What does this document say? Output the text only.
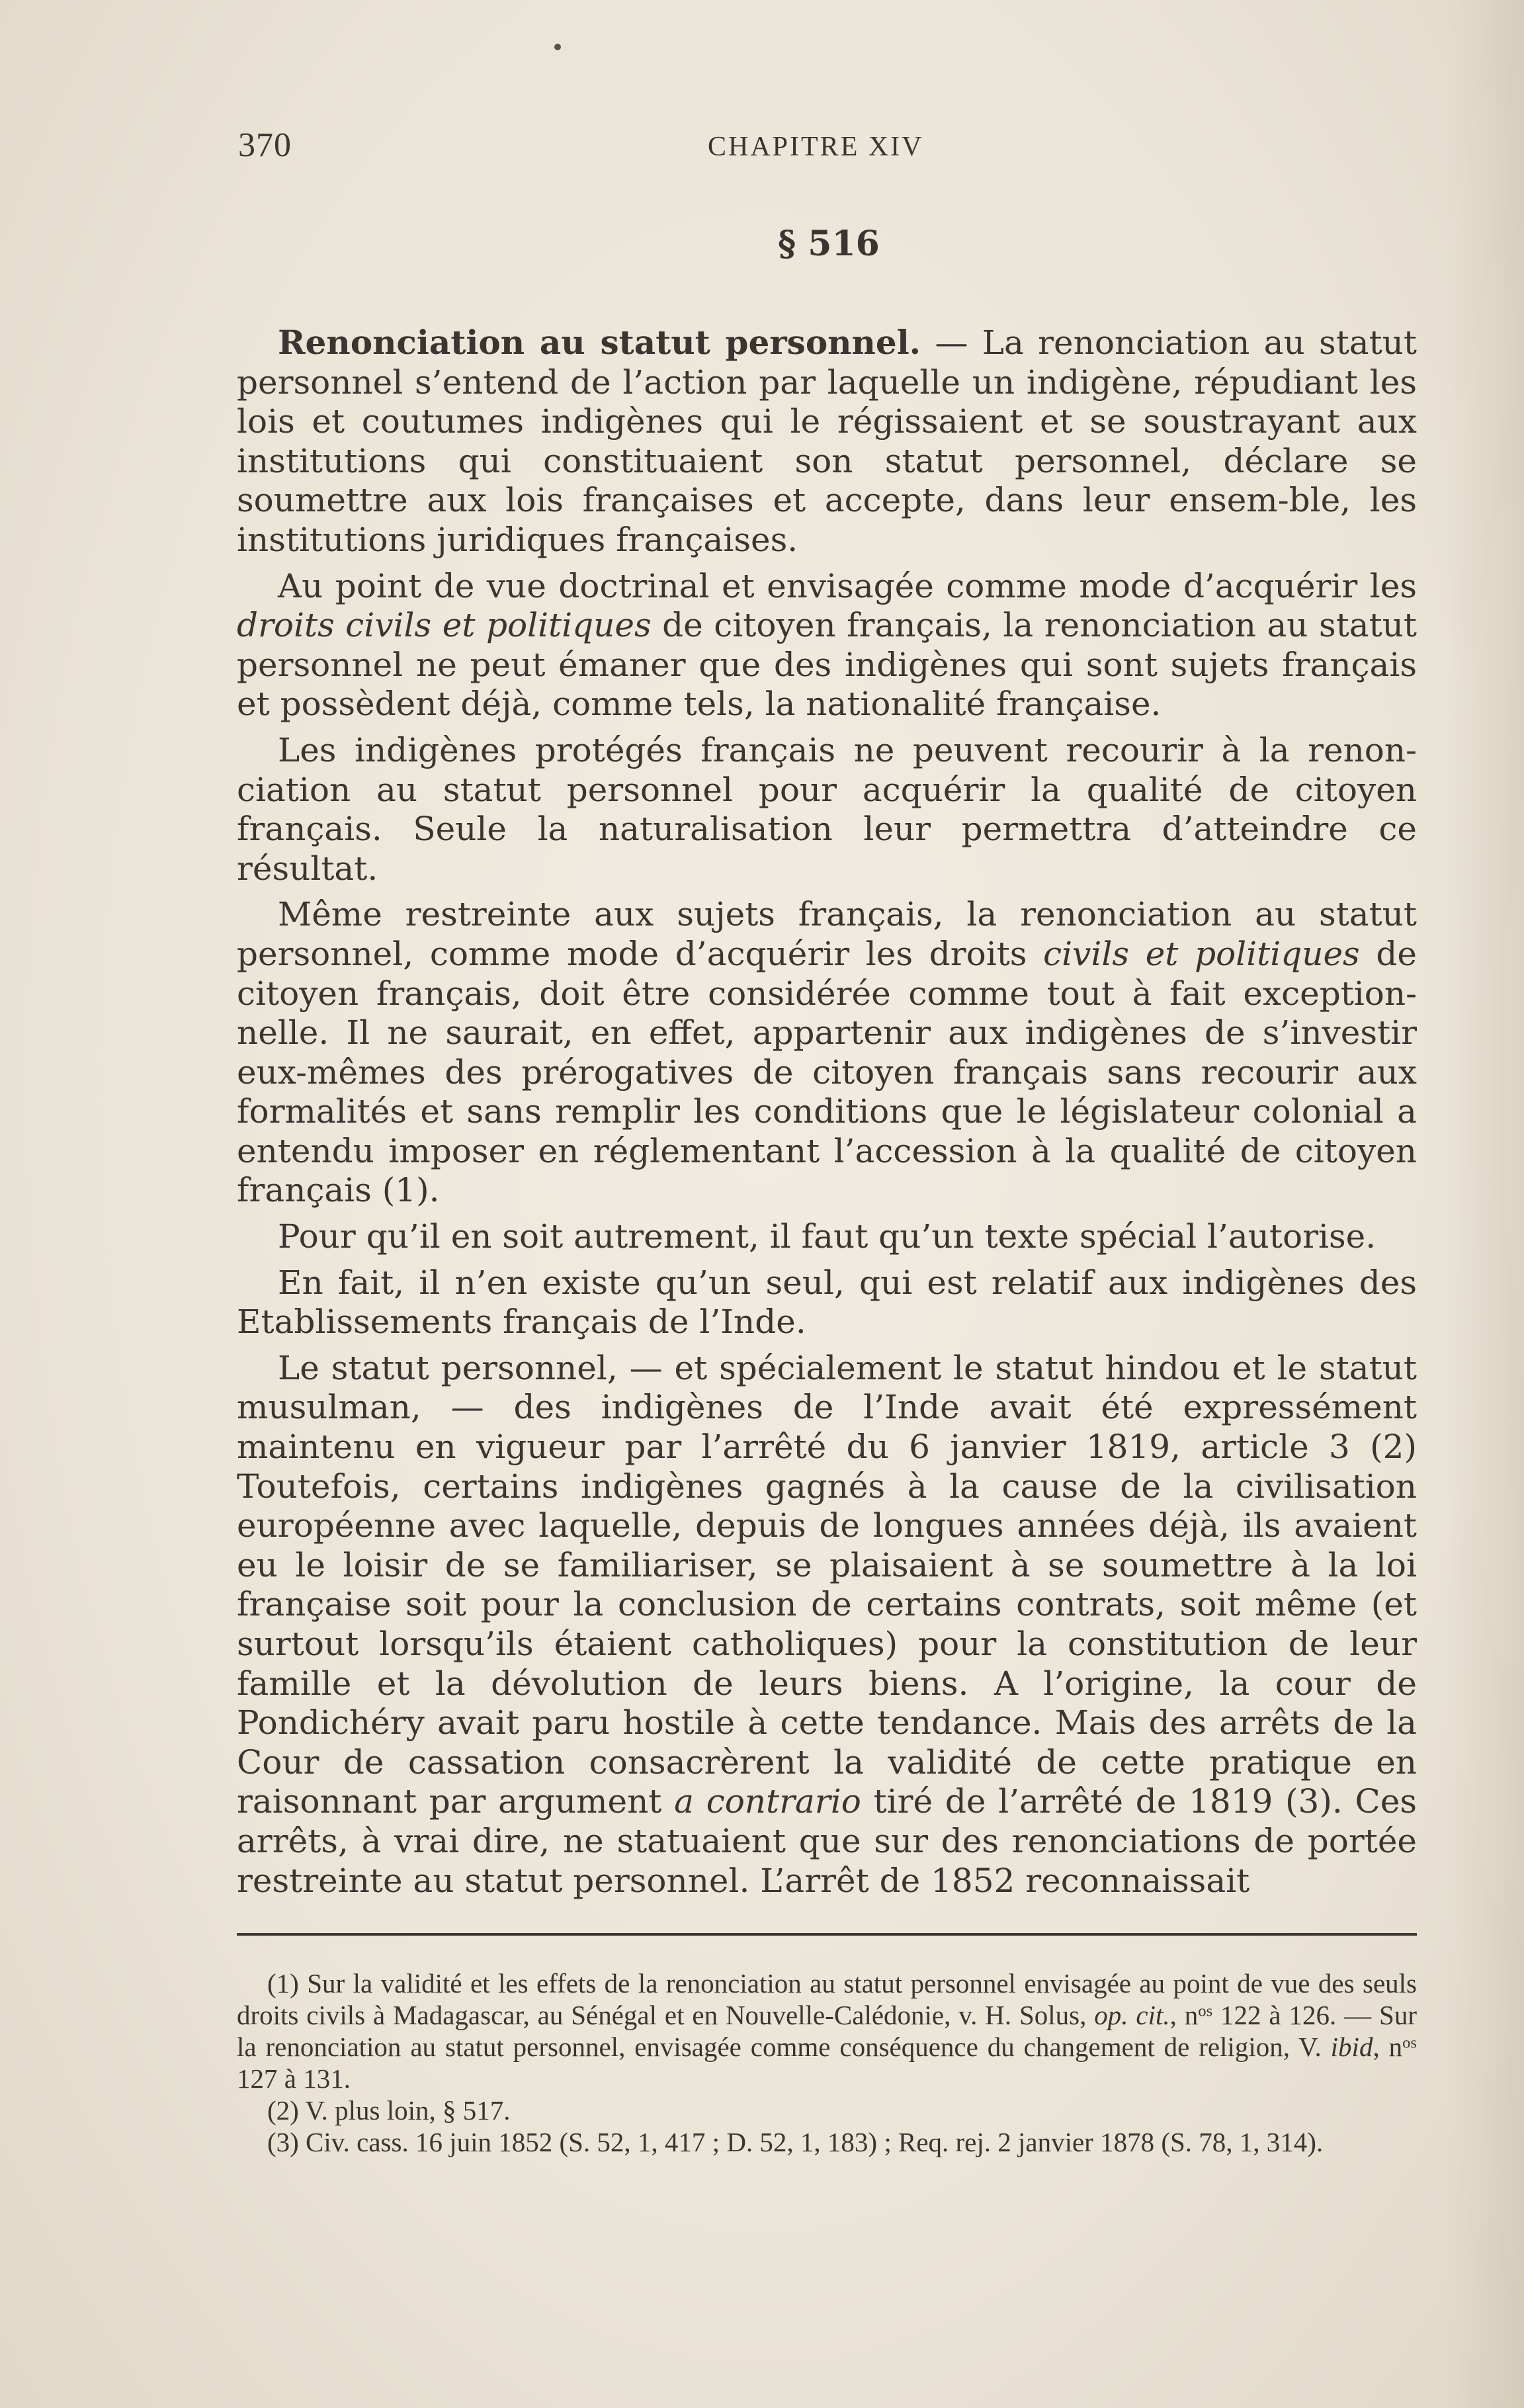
370	CHAPITRE XIV
§ 516

Renonciation au statut personnel. — La renonciation au statut personnel s’entend de l’action par laquelle un indigène, répudiant les lois et coutumes indigènes qui le régissaient et se soustrayant aux institutions qui constituaient son statut personnel, déclare se soumettre aux lois françaises et accepte, dans leur ensem-ble, les institutions juridiques françaises.

Au point de vue doctrinal et envisagée comme mode d’acquérir les droits civils et politiques de citoyen français, la renonciation au statut personnel ne peut émaner que des indigènes qui sont sujets français et possèdent déjà, comme tels, la nationalité française.

Les indigènes protégés français ne peuvent recourir à la renon-ciation au statut personnel pour acquérir la qualité de citoyen français. Seule la naturalisation leur permettra d’atteindre ce résultat.

Même restreinte aux sujets français, la renonciation au statut personnel, comme mode d’acquérir les droits civils et politiques de citoyen français, doit être considérée comme tout à fait exception-nelle. Il ne saurait, en effet, appartenir aux indigènes de s’investir eux-mêmes des prérogatives de citoyen français sans recourir aux formalités et sans remplir les conditions que le législateur colonial a entendu imposer en réglementant l’accession à la qualité de citoyen français (1).

Pour qu’il en soit autrement, il faut qu’un texte spécial l’autorise.

En fait, il n’en existe qu’un seul, qui est relatif aux indigènes des Etablissements français de l’Inde.

Le statut personnel, — et spécialement le statut hindou et le statut musulman, — des indigènes de l’Inde avait été expressément maintenu en vigueur par l’arrêté du 6 janvier 1819, article 3 (2) Toutefois, certains indigènes gagnés à la cause de la civilisation européenne avec laquelle, depuis de longues années déjà, ils avaient eu le loisir de se familiariser, se plaisaient à se soumettre à la loi française soit pour la conclusion de certains contrats, soit même (et surtout lorsqu’ils étaient catholiques) pour la constitution de leur famille et la dévolution de leurs biens. A l’origine, la cour de Pondichéry avait paru hostile à cette tendance. Mais des arrêts de la Cour de cassation consacrèrent la validité de cette pratique en raisonnant par argument a contrario tiré de l’arrêté de 1819 (3). Ces arrêts, à vrai dire, ne statuaient que sur des renonciations de portée restreinte au statut personnel. L’arrêt de 1852 reconnaissait

(1) Sur la validité et les effets de la renonciation au statut personnel envisagée au point de vue des seuls droits civils à Madagascar, au Sénégal et en Nouvelle-Calédonie, v. H. Solus, op. cit., $n^{os}$ 122 à 126. — Sur la renonciation au statut personnel, envisagée comme conséquence du changement de religion, V. ibid, $n^{os}$ 127 à 131.

(2) V. plus loin, § 517.

(3) Civ. cass. 16 juin 1852 (S. 52, 1, 417 ; D. 52, 1, 183) ; Req. rej. 2 janvier 1878 (S. 78, 1, 314).
